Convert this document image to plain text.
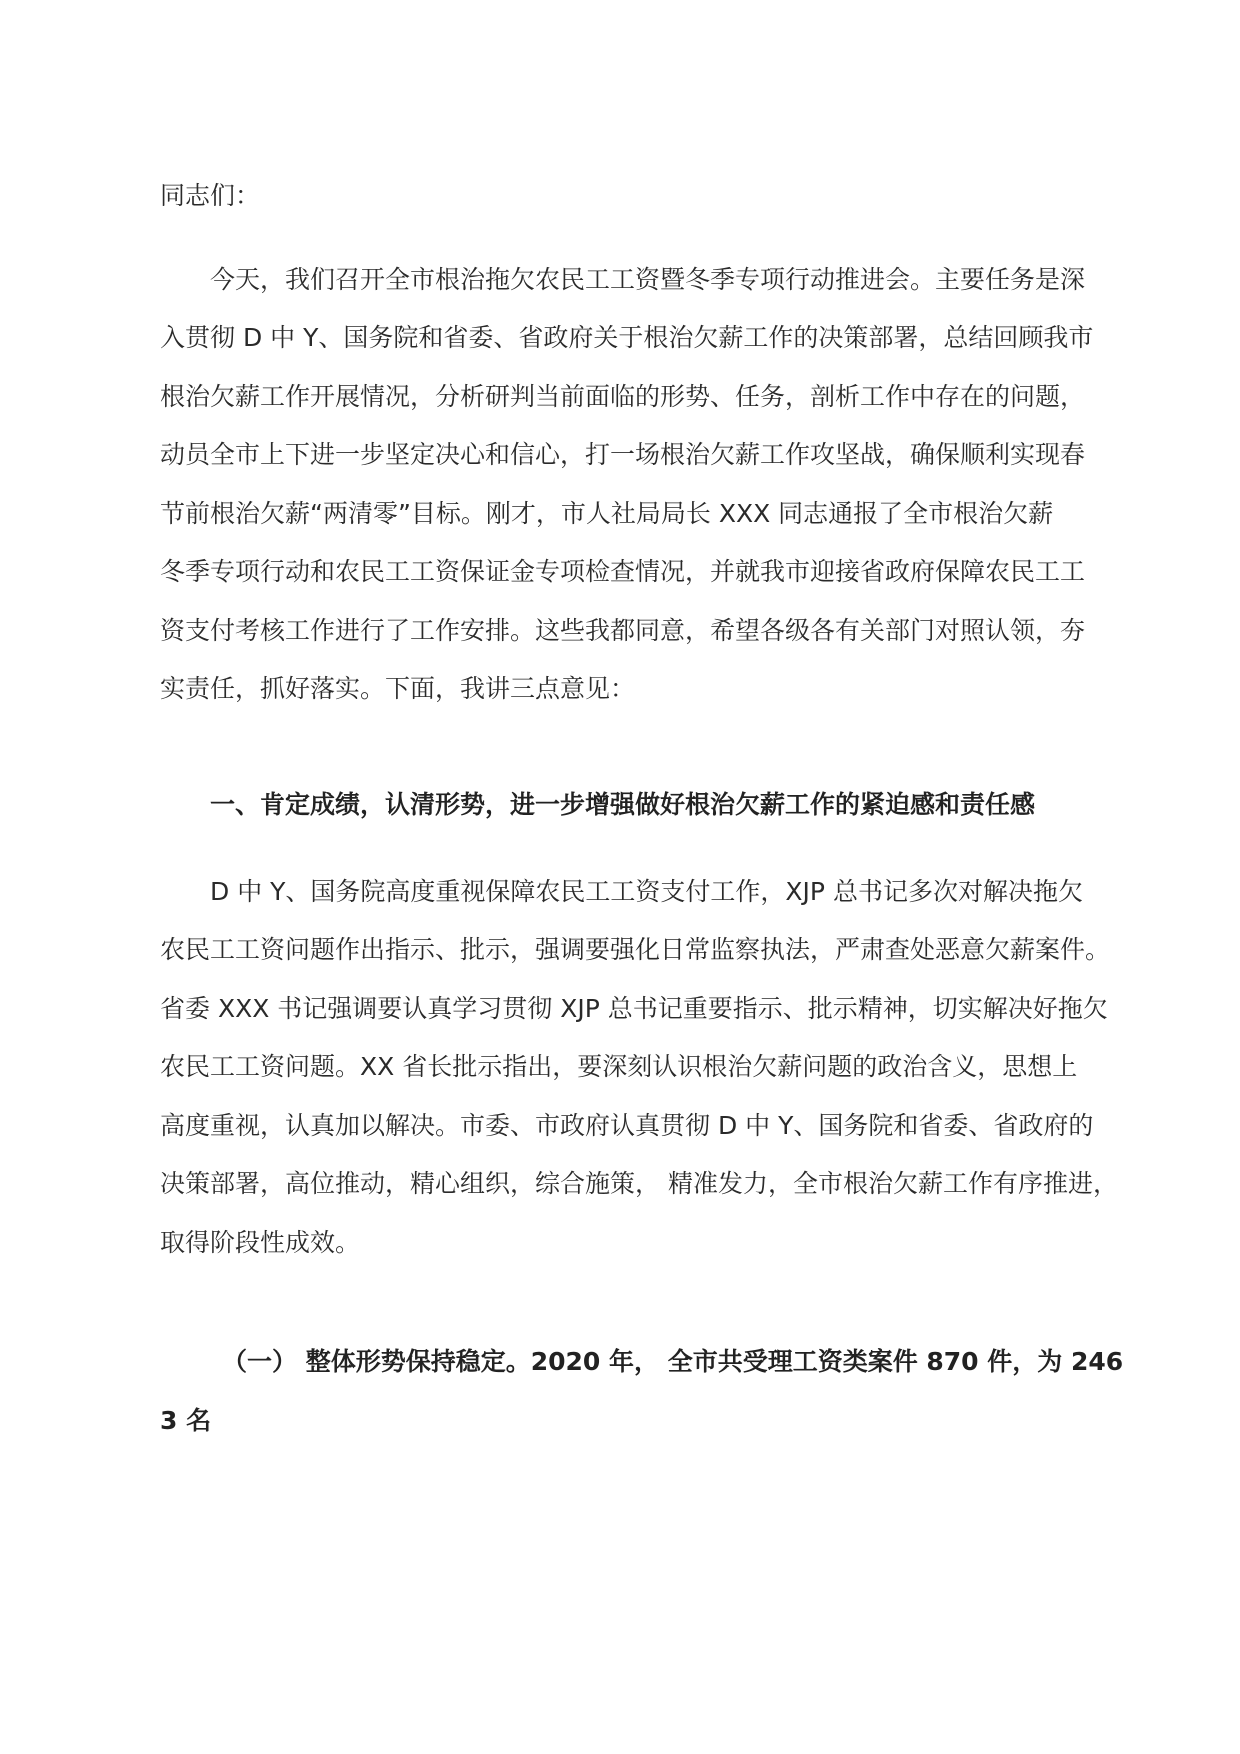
同志们：
今天，我们召开全市根治拖欠农民工工资暨冬季专项行动推进会。主要任务是深
入贯彻 D 中 Y、国务院和省委、省政府关于根治欠薪工作的决策部署，总结回顾我市
根治欠薪工作开展情况，分析研判当前面临的形势、任务，剖析工作中存在的问题，
动员全市上下进一步坚定决心和信心，打一场根治欠薪工作攻坚战，确保顺利实现春
节前根治欠薪“两清零”目标。刚才，市人社局局长 XXX 同志通报了全市根治欠薪
冬季专项行动和农民工工资保证金专项检查情况，并就我市迎接省政府保障农民工工
资支付考核工作进行了工作安排。这些我都同意，希望各级各有关部门对照认领，夯
实责任，抓好落实。下面，我讲三点意见：
一、肯定成绩，认清形势，进一步增强做好根治欠薪工作的紧迫感和责任感
D 中 Y、国务院高度重视保障农民工工资支付工作，XJP 总书记多次对解决拖欠
农民工工资问题作出指示、批示，强调要强化日常监察执法，严肃查处恶意欠薪案件。
省委 XXX 书记强调要认真学习贯彻 XJP 总书记重要指示、批示精神，切实解决好拖欠
农民工工资问题。XX 省长批示指出，要深刻认识根治欠薪问题的政治含义，思想上
高度重视，认真加以解决。市委、市政府认真贯彻 D 中 Y、国务院和省委、省政府的
决策部署，高位推动，精心组织，综合施策， 精准发力，全市根治欠薪工作有序推进，
取得阶段性成效。
（一） 整体形势保持稳定。2020 年， 全市共受理工资类案件 870 件，为 246
3 名
